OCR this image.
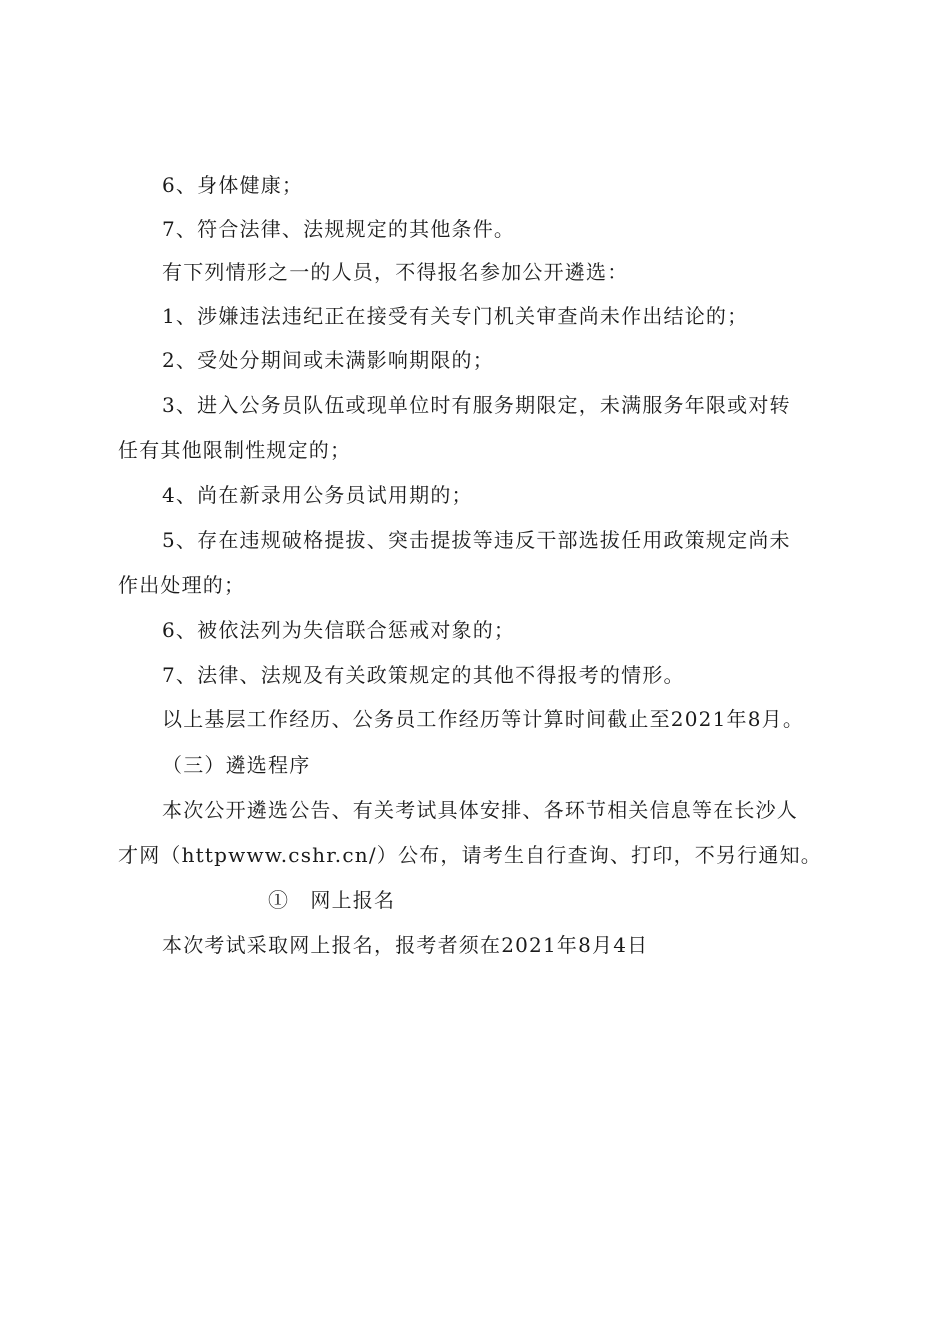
6、身体健康；
7、符合法律、法规规定的其他条件。
有下列情形之一的人员，不得报名参加公开遴选：
1、涉嫌违法违纪正在接受有关专门机关审查尚未作出结论的；
2、受处分期间或未满影响期限的；
3、进入公务员队伍或现单位时有服务期限定，未满服务年限或对转
任有其他限制性规定的；
4、尚在新录用公务员试用期的；
5、存在违规破格提拔、突击提拔等违反干部选拔任用政策规定尚未
作出处理的；
6、被依法列为失信联合惩戒对象的；
7、法律、法规及有关政策规定的其他不得报考的情形。
以上基层工作经历、公务员工作经历等计算时间截止至2021年8月。
（三）遴选程序
本次公开遴选公告、有关考试具体安排、各环节相关信息等在长沙人
才网（httpwww.cshr.cn/）公布，请考生自行查询、打印，不另行通知。
①　网上报名
本次考试采取网上报名，报考者须在2021年8月4日
